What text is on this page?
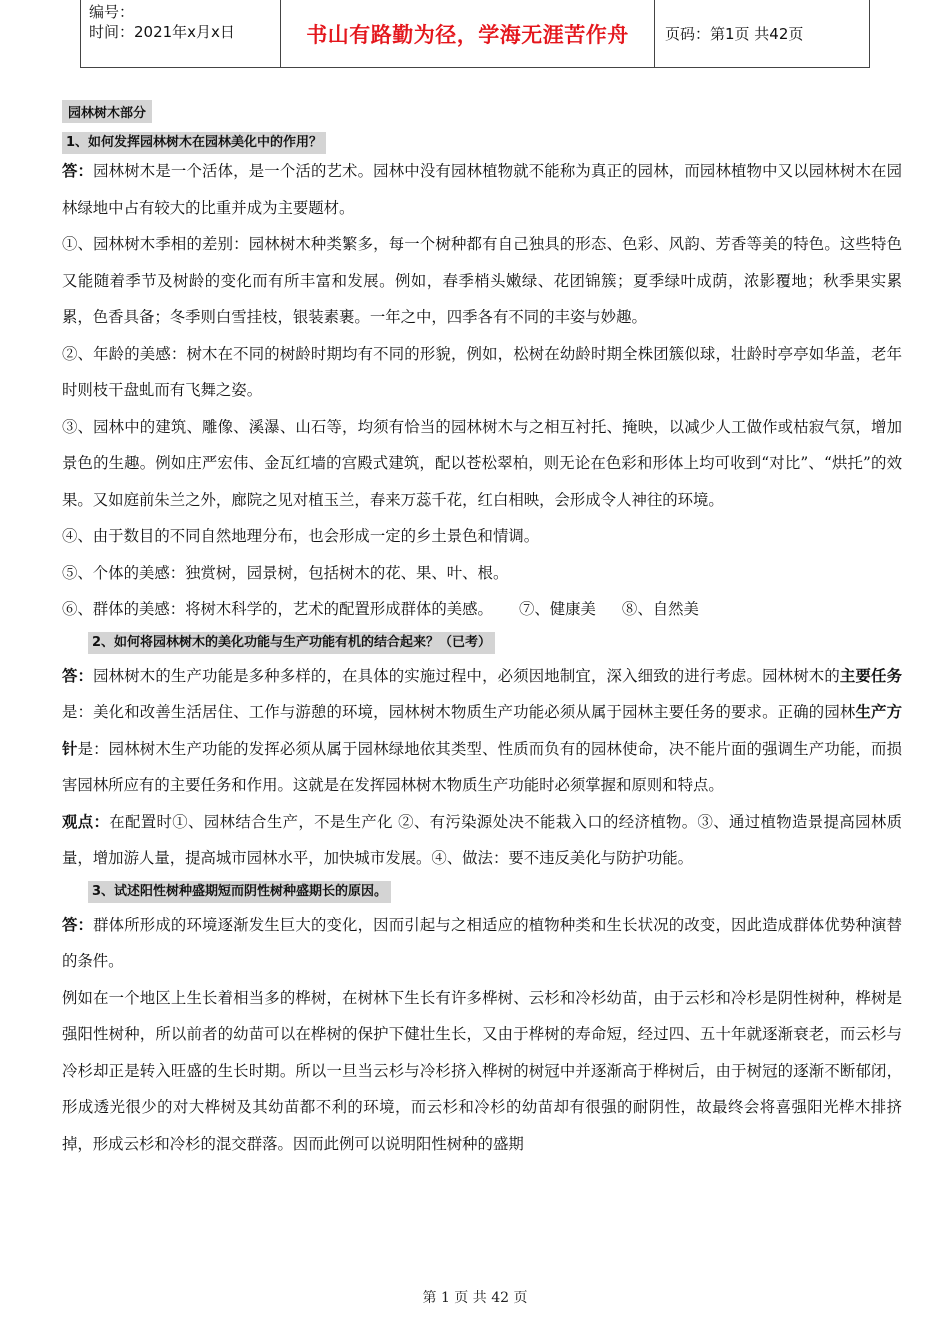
编号：
时间：2021年x月x日	书山有路勤为径，学海无涯苦作舟	页码：第1页 共42页
园林树木部分
1、如何发挥园林树木在园林美化中的作用？

答：园林树木是一个活体，是一个活的艺术。园林中没有园林植物就不能称为真正的园林，而园林植物中又以园林树木在园林绿地中占有较大的比重并成为主要题材。

①、园林树木季相的差别：园林树木种类繁多，每一个树种都有自己独具的形态、色彩、风韵、芳香等美的特色。这些特色又能随着季节及树龄的变化而有所丰富和发展。例如，春季梢头嫩绿、花团锦簇；夏季绿叶成荫，浓影覆地；秋季果实累累，色香具备；冬季则白雪挂枝，银装素裹。一年之中，四季各有不同的丰姿与妙趣。

②、年龄的美感：树木在不同的树龄时期均有不同的形貌，例如，松树在幼龄时期全株团簇似球，壮龄时亭亭如华盖，老年时则枝干盘虬而有飞舞之姿。

③、园林中的建筑、雕像、溪瀑、山石等，均须有恰当的园林树木与之相互衬托、掩映，以减少人工做作或枯寂气氛，增加景色的生趣。例如庄严宏伟、金瓦红墙的宫殿式建筑，配以苍松翠柏，则无论在色彩和形体上均可收到“对比”、“烘托”的效果。又如庭前朱兰之外，廊院之见对植玉兰，春来万蕊千花，红白相映，会形成令人神往的环境。

④、由于数目的不同自然地理分布，也会形成一定的乡土景色和情调。

⑤、个体的美感：独赏树，园景树，包括树木的花、果、叶、根。

⑥、群体的美感：将树木科学的，艺术的配置形成群体的美感。 ⑦、健康美 ⑧、自然美

2、如何将园林树木的美化功能与生产功能有机的结合起来？（已考）

答：园林树木的生产功能是多种多样的，在具体的实施过程中，必须因地制宜，深入细致的进行考虑。园林树木的主要任务是：美化和改善生活居住、工作与游憩的环境，园林树木物质生产功能必须从属于园林主要任务的要求。正确的园林生产方针是：园林树木生产功能的发挥必须从属于园林绿地依其类型、性质而负有的园林使命，决不能片面的强调生产功能，而损害园林所应有的主要任务和作用。这就是在发挥园林树木物质生产功能时必须掌握和原则和特点。

观点：在配置时①、园林结合生产，不是生产化 ②、有污染源处决不能栽入口的经济植物。③、通过植物造景提高园林质量，增加游人量，提高城市园林水平，加快城市发展。④、做法：要不违反美化与防护功能。

3、试述阳性树种盛期短而阴性树种盛期长的原因。

答：群体所形成的环境逐渐发生巨大的变化，因而引起与之相适应的植物种类和生长状况的改变，因此造成群体优势种演替的条件。

例如在一个地区上生长着相当多的桦树，在树林下生长有许多桦树、云杉和冷杉幼苗，由于云杉和冷杉是阴性树种，桦树是强阳性树种，所以前者的幼苗可以在桦树的保护下健壮生长，又由于桦树的寿命短，经过四、五十年就逐渐衰老，而云杉与冷杉却正是转入旺盛的生长时期。所以一旦当云杉与冷杉挤入桦树的树冠中并逐渐高于桦树后，由于树冠的逐渐不断郁闭，形成透光很少的对大桦树及其幼苗都不利的环境，而云杉和冷杉的幼苗却有很强的耐阴性，故最终会将喜强阳光桦木排挤掉，形成云杉和冷杉的混交群落。因而此例可以说明阳性树种的盛期

第 1 页 共 42 页
